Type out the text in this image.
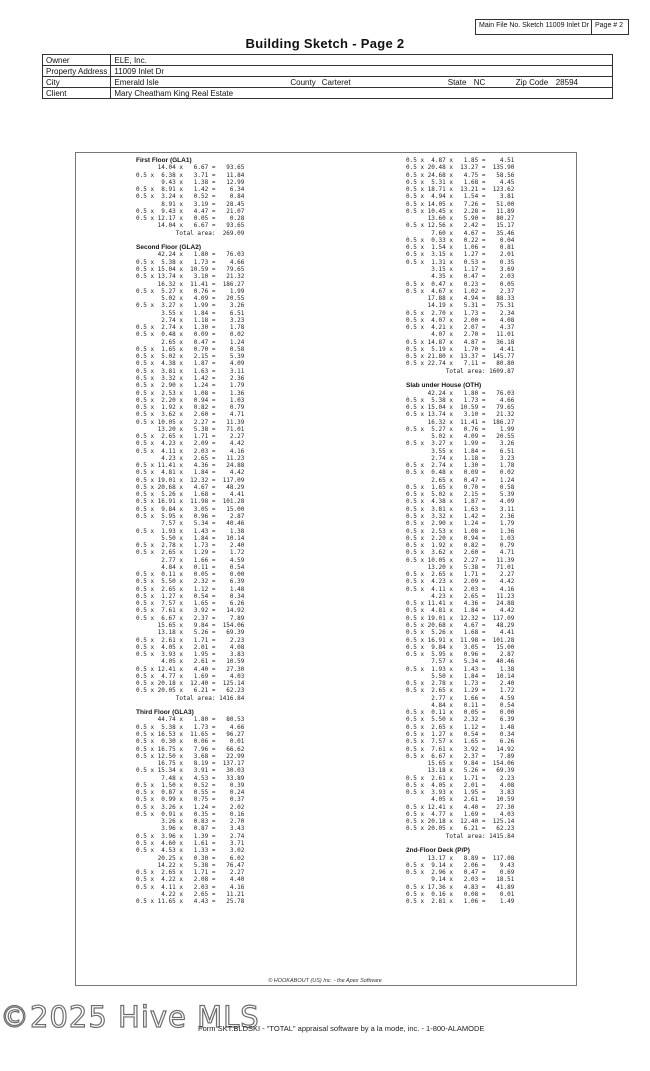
Main File No. Sketch 11009 Inlet Dr Page # 2
Building Sketch - Page 2
Owner	ELE, Inc.						
Property Address	11009 Inlet Dr						
City	Emerald Isle	County	Carteret	State	NC	Zip Code	28594
Client	Mary Cheatham King Real Estate						
First Floor (GLA1)
14.04 x   6.67 =   93.65
0.5 x  6.38 x   3.71 =   11.84
9.43 x   1.38 =   12.99
0.5 x  8.91 x   1.42 =    6.34
0.5 x  3.24 x   0.52 =    0.84
8.91 x   3.19 =   28.45
0.5 x  9.43 x   4.47 =   21.07
0.5 x 12.17 x   0.05 =    0.28
14.04 x   6.67 =   93.65
Total area:  269.09
Second Floor (GLA2)
42.24 x   1.80 =   76.03
0.5 x  5.38 x   1.73 =    4.66
0.5 x 15.04 x  10.59 =   79.65
0.5 x 13.74 x   3.10 =   21.32
16.32 x  11.41 =  186.27
0.5 x  5.27 x   0.76 =    1.99
5.02 x   4.09 =   20.55
0.5 x  3.27 x   1.99 =    3.26
3.55 x   1.84 =    6.51
2.74 x   1.18 =    3.23
0.5 x  2.74 x   1.30 =    1.78
0.5 x  0.48 x   0.09 =    0.02
2.65 x   0.47 =    1.24
0.5 x  1.65 x   0.70 =    0.58
0.5 x  5.02 x   2.15 =    5.39
0.5 x  4.38 x   1.87 =    4.09
0.5 x  3.81 x   1.63 =    3.11
0.5 x  3.32 x   1.42 =    2.36
0.5 x  2.90 x   1.24 =    1.79
0.5 x  2.53 x   1.08 =    1.36
0.5 x  2.20 x   0.94 =    1.03
0.5 x  1.92 x   0.82 =    0.79
0.5 x  3.62 x   2.60 =    4.71
0.5 x 10.05 x   2.27 =   11.39
13.20 x   5.38 =   71.01
0.5 x  2.65 x   1.71 =    2.27
0.5 x  4.23 x   2.09 =    4.42
0.5 x  4.11 x   2.03 =    4.16
4.23 x   2.65 =   11.23
0.5 x 11.41 x   4.36 =   24.88
0.5 x  4.81 x   1.84 =    4.42
0.5 x 19.01 x  12.32 =  117.09
0.5 x 20.68 x   4.67 =   48.29
0.5 x  5.26 x   1.68 =    4.41
0.5 x 16.91 x  11.98 =  101.28
0.5 x  9.84 x   3.05 =   15.00
0.5 x  5.95 x   0.96 =    2.87
7.57 x   5.34 =   40.46
0.5 x  1.93 x   1.43 =    1.38
5.50 x   1.84 =   10.14
0.5 x  2.78 x   1.73 =    2.40
0.5 x  2.65 x   1.29 =    1.72
2.77 x   1.66 =    4.59
4.84 x   0.11 =    0.54
0.5 x  0.11 x   0.05 =    0.00
0.5 x  5.50 x   2.32 =    6.39
0.5 x  2.65 x   1.12 =    1.48
0.5 x  1.27 x   0.54 =    0.34
0.5 x  7.57 x   1.65 =    6.26
0.5 x  7.61 x   3.92 =   14.92
0.5 x  6.67 x   2.37 =    7.89
15.65 x   9.84 =  154.06
13.18 x   5.26 =   69.39
0.5 x  2.61 x   1.71 =    2.23
0.5 x  4.05 x   2.01 =    4.08
0.5 x  3.93 x   1.95 =    3.83
4.05 x   2.61 =   10.59
0.5 x 12.41 x   4.40 =   27.30
0.5 x  4.77 x   1.69 =    4.03
0.5 x 20.18 x  12.40 =  125.14
0.5 x 20.05 x   6.21 =   62.23
Total area: 1416.84
Third Floor (GLA3)
44.74 x   1.80 =   80.53
0.5 x  5.38 x   1.73 =    4.66
0.5 x 16.53 x  11.65 =   96.27
0.5 x  0.30 x   0.06 =    0.01
0.5 x 16.75 x   7.96 =   66.62
0.5 x 12.50 x   3.68 =   22.99
16.75 x   8.19 =  137.17
0.5 x 15.34 x   3.91 =   30.03
7.48 x   4.53 =   33.89
0.5 x  1.50 x   0.52 =    0.39
0.5 x  0.87 x   0.55 =    0.24
0.5 x  0.99 x   0.75 =    0.37
0.5 x  3.26 x   1.24 =    2.02
0.5 x  0.91 x   0.35 =    0.16
3.26 x   0.83 =    2.70
3.96 x   0.87 =    3.43
0.5 x  3.96 x   1.39 =    2.74
0.5 x  4.60 x   1.61 =    3.71
0.5 x  4.53 x   1.33 =    3.02
20.25 x   0.30 =    6.02
14.22 x   5.38 =   76.47
0.5 x  2.65 x   1.71 =    2.27
0.5 x  4.22 x   2.08 =    4.40
0.5 x  4.11 x   2.03 =    4.16
4.22 x   2.65 =   11.21
0.5 x 11.65 x   4.43 =   25.78
0.5 x  4.87 x   1.85 =    4.51
0.5 x 20.48 x  13.27 =  135.90
0.5 x 24.68 x   4.75 =   58.56
0.5 x  5.31 x   1.68 =    4.45
0.5 x 18.71 x  13.21 =  123.62
0.5 x  4.94 x   1.54 =    3.81
0.5 x 14.05 x   7.26 =   51.00
0.5 x 10.45 x   2.28 =   11.89
13.60 x   5.90 =   80.27
0.5 x 12.56 x   2.42 =   15.17
7.60 x   4.67 =   35.46
0.5 x  0.33 x   0.22 =    0.04
0.5 x  1.54 x   1.06 =    0.81
0.5 x  3.15 x   1.27 =    2.01
0.5 x  1.31 x   0.53 =    0.35
3.15 x   1.17 =    3.69
4.35 x   0.47 =    2.03
0.5 x  0.47 x   0.23 =    0.05
0.5 x  4.67 x   1.02 =    2.37
17.88 x   4.94 =   88.33
14.19 x   5.31 =   75.31
0.5 x  2.70 x   1.73 =    2.34
0.5 x  4.07 x   2.00 =    4.08
0.5 x  4.21 x   2.07 =    4.37
4.07 x   2.70 =   11.01
0.5 x 14.87 x   4.87 =   36.18
0.5 x  5.19 x   1.70 =    4.41
0.5 x 21.80 x  13.37 =  145.77
0.5 x 22.74 x   7.11 =   80.80
Total area: 1609.87
Slab under House (OTH)
42.24 x   1.80 =   76.03
0.5 x  5.38 x   1.73 =    4.66
0.5 x 15.04 x  10.59 =   79.65
0.5 x 13.74 x   3.10 =   21.32
16.32 x  11.41 =  186.27
0.5 x  5.27 x   0.76 =    1.99
5.02 x   4.09 =   20.55
0.5 x  3.27 x   1.99 =    3.26
3.55 x   1.84 =    6.51
2.74 x   1.18 =    3.23
0.5 x  2.74 x   1.30 =    1.78
0.5 x  0.48 x   0.09 =    0.02
2.65 x   0.47 =    1.24
0.5 x  1.65 x   0.70 =    0.58
0.5 x  5.02 x   2.15 =    5.39
0.5 x  4.38 x   1.87 =    4.09
0.5 x  3.81 x   1.63 =    3.11
0.5 x  3.32 x   1.42 =    2.36
0.5 x  2.90 x   1.24 =    1.79
0.5 x  2.53 x   1.08 =    1.36
0.5 x  2.20 x   0.94 =    1.03
0.5 x  1.92 x   0.82 =    0.79
0.5 x  3.62 x   2.60 =    4.71
0.5 x 10.05 x   2.27 =   11.39
13.20 x   5.38 =   71.01
0.5 x  2.65 x   1.71 =    2.27
0.5 x  4.23 x   2.09 =    4.42
0.5 x  4.11 x   2.03 =    4.16
4.23 x   2.65 =   11.23
0.5 x 11.41 x   4.36 =   24.88
0.5 x  4.81 x   1.84 =    4.42
0.5 x 19.01 x  12.32 =  117.09
0.5 x 20.68 x   4.67 =   48.29
0.5 x  5.26 x   1.68 =    4.41
0.5 x 16.91 x  11.98 =  101.28
0.5 x  9.84 x   3.05 =   15.00
0.5 x  5.95 x   0.96 =    2.87
7.57 x   5.34 =   40.46
0.5 x  1.93 x   1.43 =    1.38
5.50 x   1.84 =   10.14
0.5 x  2.78 x   1.73 =    2.40
0.5 x  2.65 x   1.29 =    1.72
2.77 x   1.66 =    4.59
4.84 x   0.11 =    0.54
0.5 x  0.11 x   0.05 =    0.00
0.5 x  5.50 x   2.32 =    6.39
0.5 x  2.65 x   1.12 =    1.48
0.5 x  1.27 x   0.54 =    0.34
0.5 x  7.57 x   1.65 =    6.26
0.5 x  7.61 x   3.92 =   14.92
0.5 x  6.67 x   2.37 =    7.89
15.65 x   9.84 =  154.06
13.18 x   5.26 =   69.39
0.5 x  2.61 x   1.71 =    2.23
0.5 x  4.05 x   2.01 =    4.08
0.5 x  3.93 x   1.95 =    3.83
4.05 x   2.61 =   10.59
0.5 x 12.41 x   4.40 =   27.30
0.5 x  4.77 x   1.69 =    4.03
0.5 x 20.18 x  12.40 =  125.14
0.5 x 20.05 x   6.21 =   62.23
Total area: 1415.84
2nd-Floor Deck (P/P)
13.17 x   8.89 =  117.08
0.5 x  9.14 x   2.06 =    9.43
0.5 x  2.96 x   0.47 =    0.69
9.14 x   2.03 =   18.51
0.5 x 17.36 x   4.83 =   41.89
0.5 x  0.16 x   0.08 =    0.01
0.5 x  2.81 x   1.06 =    1.49
© HOOKABOUT (US) Inc. - the Apex Software
Form SKT.BLDSKI - "TOTAL" appraisal software by a la mode, inc. - 1-800-ALAMODE
©2025 Hive MLS
